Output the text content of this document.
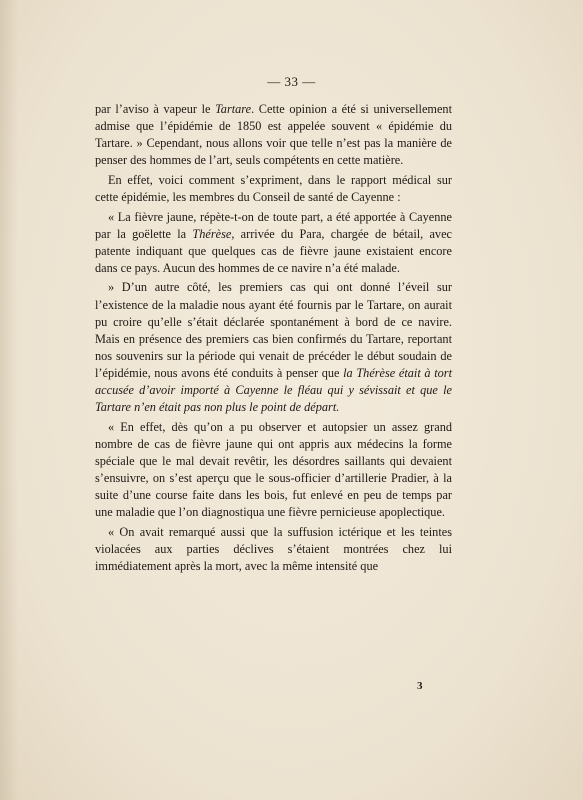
— 33 —

par l’aviso à vapeur le Tartare. Cette opinion a été si universellement admise que l’épidémie de 1850 est appelée souvent « épidémie du Tartare. » Cependant, nous allons voir que telle n’est pas la manière de penser des hommes de l’art, seuls compétents en cette matière.

En effet, voici comment s’expriment, dans le rapport médical sur cette épidémie, les membres du Conseil de santé de Cayenne :

« La fièvre jaune, répète-t-on de toute part, a été apportée à Cayenne par la goëlette la Thérèse, arrivée du Para, chargée de bétail, avec patente indiquant que quelques cas de fièvre jaune existaient encore dans ce pays. Aucun des hommes de ce navire n’a été malade.

» D’un autre côté, les premiers cas qui ont donné l’éveil sur l’existence de la maladie nous ayant été fournis par le Tartare, on aurait pu croire qu’elle s’était déclarée spontanément à bord de ce navire. Mais en présence des premiers cas bien confirmés du Tartare, reportant nos souvenirs sur la période qui venait de précéder le début soudain de l’épidémie, nous avons été conduits à penser que la Thérèse était à tort accusée d’avoir importé à Cayenne le fléau qui y sévissait et que le Tartare n’en était pas non plus le point de départ.

« En effet, dès qu’on a pu observer et autopsier un assez grand nombre de cas de fièvre jaune qui ont appris aux médecins la forme spéciale que le mal devait revêtir, les désordres saillants qui devaient s’ensuivre, on s’est aperçu que le sous-officier d’artillerie Pradier, à la suite d’une course faite dans les bois, fut enlevé en peu de temps par une maladie que l’on diagnostiqua une fièvre pernicieuse apoplectique.

« On avait remarqué aussi que la suffusion ictérique et les teintes violacées aux parties déclives s’étaient montrées chez lui immédiatement après la mort, avec la même intensité que

3
